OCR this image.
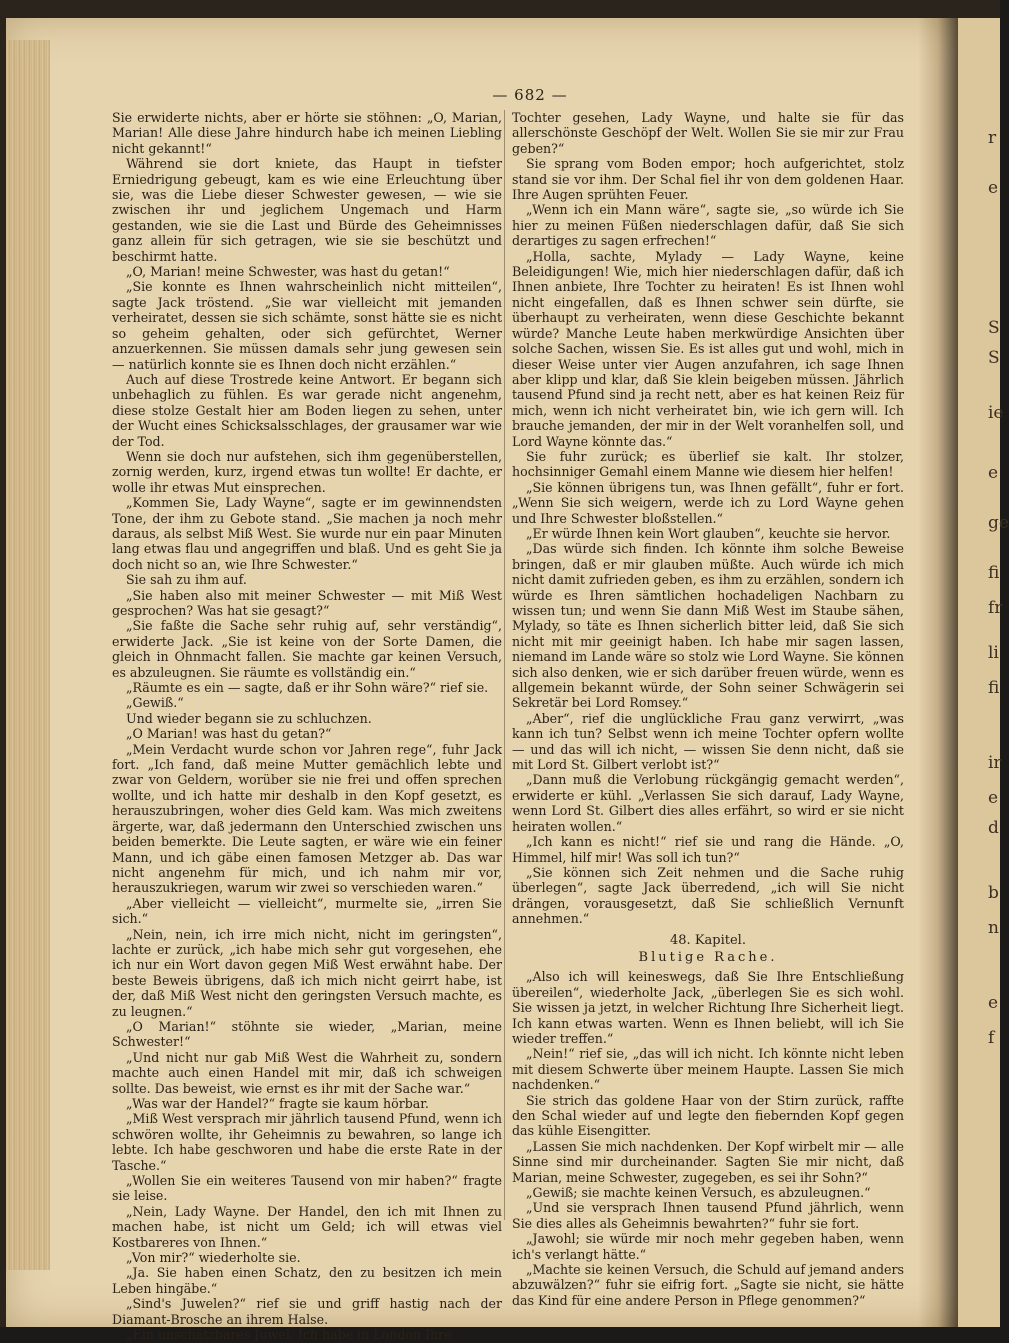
— 682 —

Sie erwiderte nichts, aber er hörte sie stöhnen: „O, Marian, Marian! Alle diese Jahre hindurch habe ich meinen Liebling nicht gekannt!“

Während sie dort kniete, das Haupt in tiefster Erniedrigung gebeugt, kam es wie eine Erleuchtung über sie, was die Liebe dieser Schwester gewesen, — wie sie zwischen ihr und jeglichem Ungemach und Harm gestanden, wie sie die Last und Bürde des Geheimnisses ganz allein für sich getragen, wie sie sie beschützt und beschirmt hatte.

„O, Marian! meine Schwester, was hast du getan!“

„Sie konnte es Ihnen wahrscheinlich nicht mitteilen“, sagte Jack tröstend. „Sie war vielleicht mit jemanden verheiratet, dessen sie sich schämte, sonst hätte sie es nicht so geheim gehalten, oder sich gefürchtet, Werner anzuerkennen. Sie müssen damals sehr jung gewesen sein — natürlich konnte sie es Ihnen doch nicht erzählen.“

Auch auf diese Trostrede keine Antwort. Er begann sich unbehaglich zu fühlen. Es war gerade nicht angenehm, diese stolze Gestalt hier am Boden liegen zu sehen, unter der Wucht eines Schicksalsschlages, der grausamer war wie der Tod.

Wenn sie doch nur aufstehen, sich ihm gegenüberstellen, zornig werden, kurz, irgend etwas tun wollte! Er dachte, er wolle ihr etwas Mut einsprechen.

„Kommen Sie, Lady Wayne“, sagte er im gewinnendsten Tone, der ihm zu Gebote stand. „Sie machen ja noch mehr daraus, als selbst Miß West. Sie wurde nur ein paar Minuten lang etwas flau und angegriffen und blaß. Und es geht Sie ja doch nicht so an, wie Ihre Schwester.“

Sie sah zu ihm auf.

„Sie haben also mit meiner Schwester — mit Miß West gesprochen? Was hat sie gesagt?“

„Sie faßte die Sache sehr ruhig auf, sehr verständig“, erwiderte Jack. „Sie ist keine von der Sorte Damen, die gleich in Ohnmacht fallen. Sie machte gar keinen Versuch, es abzuleugnen. Sie räumte es vollständig ein.“

„Räumte es ein — sagte, daß er ihr Sohn wäre?“ rief sie.

„Gewiß.“

Und wieder begann sie zu schluchzen.

„O Marian! was hast du getan?“

„Mein Verdacht wurde schon vor Jahren rege“, fuhr Jack fort. „Ich fand, daß meine Mutter gemächlich lebte und zwar von Geldern, worüber sie nie frei und offen sprechen wollte, und ich hatte mir deshalb in den Kopf gesetzt, es herauszubringen, woher dies Geld kam. Was mich zweitens ärgerte, war, daß jedermann den Unterschied zwischen uns beiden bemerkte. Die Leute sagten, er wäre wie ein feiner Mann, und ich gäbe einen famosen Metzger ab. Das war nicht angenehm für mich, und ich nahm mir vor, herauszukriegen, warum wir zwei so verschieden waren.“

„Aber vielleicht — vielleicht“, murmelte sie, „irren Sie sich.“

„Nein, nein, ich irre mich nicht, nicht im geringsten“, lachte er zurück, „ich habe mich sehr gut vorgesehen, ehe ich nur ein Wort davon gegen Miß West erwähnt habe. Der beste Beweis übrigens, daß ich mich nicht geirrt habe, ist der, daß Miß West nicht den geringsten Versuch machte, es zu leugnen.“

„O Marian!“ stöhnte sie wieder, „Marian, meine Schwester!“

„Und nicht nur gab Miß West die Wahrheit zu, sondern machte auch einen Handel mit mir, daß ich schweigen sollte. Das beweist, wie ernst es ihr mit der Sache war.“

„Was war der Handel?“ fragte sie kaum hörbar.

„Miß West versprach mir jährlich tausend Pfund, wenn ich schwören wollte, ihr Geheimnis zu bewahren, so lange ich lebte. Ich habe geschworen und habe die erste Rate in der Tasche.“

„Wollen Sie ein weiteres Tausend von mir haben?“ fragte sie leise.

„Nein, Lady Wayne. Der Handel, den ich mit Ihnen zu machen habe, ist nicht um Geld; ich will etwas viel Kostbareres von Ihnen.“

„Von mir?“ wiederholte sie.

„Ja. Sie haben einen Schatz, den zu besitzen ich mein Leben hingäbe.“

„Sind's Juwelen?“ rief sie und griff hastig nach der Diamant-Brosche an ihrem Halse.

„Ein unschätzbares Juwel. Ich habe in London Ihre

Tochter gesehen, Lady Wayne, und halte sie für das allerschönste Geschöpf der Welt. Wollen Sie sie mir zur Frau geben?“

Sie sprang vom Boden empor; hoch aufgerichtet, stolz stand sie vor ihm. Der Schal fiel ihr von dem goldenen Haar. Ihre Augen sprühten Feuer.

„Wenn ich ein Mann wäre“, sagte sie, „so würde ich Sie hier zu meinen Füßen niederschlagen dafür, daß Sie sich derartiges zu sagen erfrechen!“

„Holla, sachte, Mylady — Lady Wayne, keine Beleidigungen! Wie, mich hier niederschlagen dafür, daß ich Ihnen anbiete, Ihre Tochter zu heiraten! Es ist Ihnen wohl nicht eingefallen, daß es Ihnen schwer sein dürfte, sie überhaupt zu verheiraten, wenn diese Geschichte bekannt würde? Manche Leute haben merkwürdige Ansichten über solche Sachen, wissen Sie. Es ist alles gut und wohl, mich in dieser Weise unter vier Augen anzufahren, ich sage Ihnen aber klipp und klar, daß Sie klein beigeben müssen. Jährlich tausend Pfund sind ja recht nett, aber es hat keinen Reiz für mich, wenn ich nicht verheiratet bin, wie ich gern will. Ich brauche jemanden, der mir in der Welt voranhelfen soll, und Lord Wayne könnte das.“

Sie fuhr zurück; es überlief sie kalt. Ihr stolzer, hochsinniger Gemahl einem Manne wie diesem hier helfen!

„Sie können übrigens tun, was Ihnen gefällt“, fuhr er fort. „Wenn Sie sich weigern, werde ich zu Lord Wayne gehen und Ihre Schwester bloßstellen.“

„Er würde Ihnen kein Wort glauben“, keuchte sie hervor.

„Das würde sich finden. Ich könnte ihm solche Beweise bringen, daß er mir glauben müßte. Auch würde ich mich nicht damit zufrieden geben, es ihm zu erzählen, sondern ich würde es Ihren sämtlichen hochadeligen Nachbarn zu wissen tun; und wenn Sie dann Miß West im Staube sähen, Mylady, so täte es Ihnen sicherlich bitter leid, daß Sie sich nicht mit mir geeinigt haben. Ich habe mir sagen lassen, niemand im Lande wäre so stolz wie Lord Wayne. Sie können sich also denken, wie er sich darüber freuen würde, wenn es allgemein bekannt würde, der Sohn seiner Schwägerin sei Sekretär bei Lord Romsey.“

„Aber“, rief die unglückliche Frau ganz verwirrt, „was kann ich tun? Selbst wenn ich meine Tochter opfern wollte — und das will ich nicht, — wissen Sie denn nicht, daß sie mit Lord St. Gilbert verlobt ist?“

„Dann muß die Verlobung rückgängig gemacht werden“, erwiderte er kühl. „Verlassen Sie sich darauf, Lady Wayne, wenn Lord St. Gilbert dies alles erfährt, so wird er sie nicht heiraten wollen.“

„Ich kann es nicht!“ rief sie und rang die Hände. „O, Himmel, hilf mir! Was soll ich tun?“

„Sie können sich Zeit nehmen und die Sache ruhig überlegen“, sagte Jack überredend, „ich will Sie nicht drängen, vorausgesetzt, daß Sie schließlich Vernunft annehmen.“

48. Kapitel.
Blutige Rache.

„Also ich will keineswegs, daß Sie Ihre Entschließung übereilen“, wiederholte Jack, „überlegen Sie es sich wohl. Sie wissen ja jetzt, in welcher Richtung Ihre Sicherheit liegt. Ich kann etwas warten. Wenn es Ihnen beliebt, will ich Sie wieder treffen.“

„Nein!“ rief sie, „das will ich nicht. Ich könnte nicht leben mit diesem Schwerte über meinem Haupte. Lassen Sie mich nachdenken.“

Sie strich das goldene Haar von der Stirn zurück, raffte den Schal wieder auf und legte den fiebernden Kopf gegen das kühle Eisengitter.

„Lassen Sie mich nachdenken. Der Kopf wirbelt mir — alle Sinne sind mir durcheinander. Sagten Sie mir nicht, daß Marian, meine Schwester, zugegeben, es sei ihr Sohn?“

„Gewiß; sie machte keinen Versuch, es abzuleugnen.“

„Und sie versprach Ihnen tausend Pfund jährlich, wenn Sie dies alles als Geheimnis bewahrten?“ fuhr sie fort.

„Jawohl; sie würde mir noch mehr gegeben haben, wenn ich's verlangt hätte.“

„Machte sie keinen Versuch, die Schuld auf jemand anders abzuwälzen?“ fuhr sie eifrig fort. „Sagte sie nicht, sie hätte das Kind für eine andere Person in Pflege genommen?“

r
e
S
S
ie
e
ge
fi
fr
li
fi
ir
e
d
b
n
e
f
